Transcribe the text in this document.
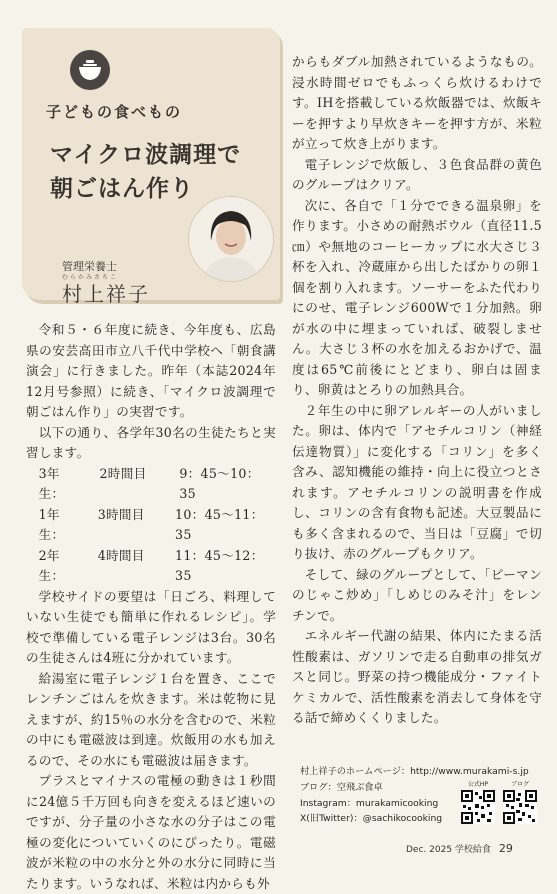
子どもの食べもの
マイクロ波調理で
朝ごはん作り
管理栄養士
むらかみさちこ
村上祥子

令和５・６年度に続き、今年度も、広島県の安芸高田市立八千代中学校へ「朝食講演会」に行きました。昨年（本誌2024年12月号参照）に続き、「マイクロ波調理で朝ごはん作り」の実習です。

以下の通り、各学年30名の生徒たちと実習します。

3年生：
2時間目	9：45〜10：35
1年生：
3時間目	10：45〜11：35
2年生：
4時間目	11：45〜12：35

学校サイドの要望は「日ごろ、料理していない生徒でも簡単に作れるレシピ」。学校で準備している電子レンジは3台。30名の生徒さんは4班に分かれています。

給湯室に電子レンジ１台を置き、ここでレンチンごはんを炊きます。米は乾物に見えますが、約15％の水分を含むので、米粒の中にも電磁波は到達。炊飯用の水も加えるので、その水にも電磁波は届きます。

プラスとマイナスの電極の動きは１秒間に24億５千万回も向きを変えるほど速いのですが、分子量の小さな水の分子はこの電極の変化についていくのにぴったり。電磁波が米粒の中の水分と外の水分に同時に当たります。いうなれば、米粒は内からも外

からもダブル加熱されているようなもの。浸水時間ゼロでもふっくら炊けるわけです。IHを搭載している炊飯器では、炊飯キーを押すより早炊きキーを押す方が、米粒が立って炊き上がります。

電子レンジで炊飯し、３色食品群の黄色のグループはクリア。

次に、各自で「１分でできる温泉卵」を作ります。小さめの耐熱ボウル（直径11.5㎝）や無地のコーヒーカップに水大さじ３杯を入れ、冷蔵庫から出したばかりの卵１個を割り入れます。ソーサーをふた代わりにのせ、電子レンジ600Wで１分加熱。卵が水の中に埋まっていれば、破裂しません。大さじ３杯の水を加えるおかげで、温度は65℃前後にとどまり、卵白は固まり、卵黄はとろりの加熱具合。

２年生の中に卵アレルギーの人がいました。卵は、体内で「アセチルコリン（神経伝達物質）」に変化する「コリン」を多く含み、認知機能の維持・向上に役立つとされます。アセチルコリンの説明書を作成し、コリンの含有食物も記述。大豆製品にも多く含まれるので、当日は「豆腐」で切り抜け、赤のグループもクリア。

そして、緑のグループとして、「ピーマンのじゃこ炒め」「しめじのみそ汁」をレンチンで。

エネルギー代謝の結果、体内にたまる活性酸素は、ガソリンで走る自動車の排気ガスと同じ。野菜の持つ機能成分・ファイトケミカルで、活性酸素を消去して身体を守る話で締めくくりました。

村上祥子のホームページ：http://www.murakami-s.jp
ブログ：空飛ぶ食卓
Instagram：murakamicooking
X(旧Twitter)：@sachikocooking
公式HP	ブログ
Dec. 2025 学校給食 29
